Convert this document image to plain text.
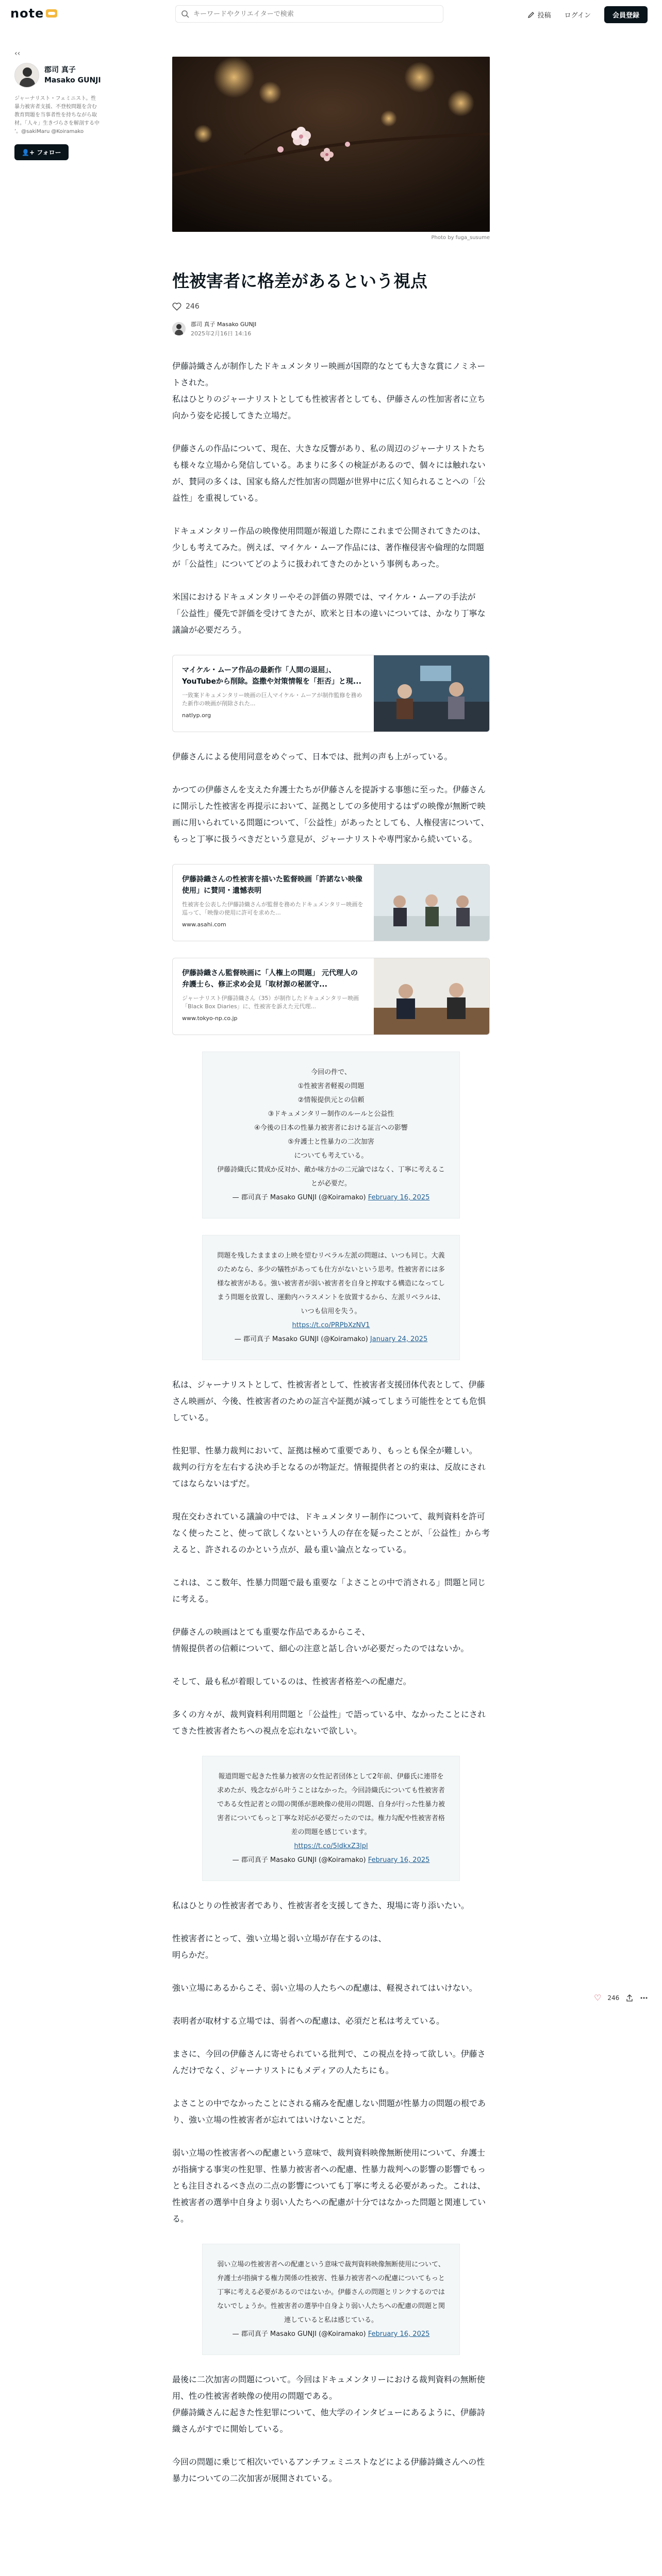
note
キーワードやクリエイターで検索	投稿 ログイン	会員登録
‹‹
郡司 真子
Masako GUNJI
ジャーナリスト・フェミニスト。性暴力被害者支援、不登校問題を含む教育問題を当事者性を持ちながら取材。「人々」生きづらさを解剖する中ʼ。@sakiMaru @Koiramako
👤+ フォロー
Photo by fuga_susume
性被害者に格差があるという視点
246
郡司 真子 Masako GUNJI
2025年2月16日 14:16
伊藤詩織さんが制作したドキュメンタリー映画が国際的なとても大きな賞にノミネートされた。
私はひとりのジャーナリストとしても性被害者としても、伊藤さんの性加害者に立ち向かう姿を応援してきた立場だ。
伊藤さんの作品について、現在、大きな反響があり、私の周辺のジャーナリストたちも様々な立場から発信している。あまりに多くの検証があるので、個々には触れないが、賛同の多くは、国家も絡んだ性加害の問題が世界中に広く知られることへの「公益性」を重視している。
ドキュメンタリー作品の映像使用問題が報道した際にこれまで公開されてきたのは、少しも考えてみた。例えば、マイケル・ムーア作品には、著作権侵害や倫理的な問題が「公益性」についてどのように扱われてきたのかという事例もあった。
米国におけるドキュメンタリーやその評価の界隈では、マイケル・ムーアの手法が「公益性」優先で評価を受けてきたが、欧米と日本の違いについては、かなり丁寧な議論が必要だろう。
マイケル・ムーア作品の最新作「人間の退屈」、YouTubeから削除。盗撒や対策情報を「拒否」と現...
一致案ドキュメンタリー映画の巨人マイケル・ムーアが制作監修を務めた新作の映画が削除された...
natlyp.org
伊藤さんによる使用同意をめぐって、日本では、批判の声も上がっている。
かつての伊藤さんを支えた弁護士たちが伊藤さんを提訴する事態に至った。伊藤さんに開示した性被害を再提示において、証拠としての多使用するはずの映像が無断で映画に用いられている問題について、「公益性」があったとしても、人権侵害について、もっと丁寧に扱うべきだという意見が、ジャーナリストや専門家から続いている。
伊藤詩織さんの性被害を描いた監督映画「許諾ない映像使用」に賛同・遺憾表明
性被害を公表した伊藤詩織さんが監督を務めたドキュメンタリー映画を巡って、「映像の使用に許可を求めた...
www.asahi.com
伊藤詩織さん監督映画に「人権上の問題」 元代理人の弁護士ら、修正求め会見「取材源の秘匿守...
ジャーナリスト伊藤詩織さん（35）が制作したドキュメンタリー映画「Black Box Diaries」に、性被害を訴えた元代理...
www.tokyo-np.co.jp
今回の件で、
①性被害者軽視の問題
②情報提供元との信頼
③ドキュメンタリー制作のルールと公益性
④今後の日本の性暴力被害者における証言への影響
⑤弁護士と性暴力の二次加害
についても考えている。
伊藤詩織氏に賛成か反対か、敵か味方かの二元論ではなく、丁寧に考えることが必要だ。
— 郡司真子 Masako GUNJI (@Koiramako) February 16, 2025
問題を残したまままの上映を望むリベラル左派の問題は、いつも同じ。大義のためなら、多少の犠牲があっても仕方がないという思考。性被害者には多様な被害がある。強い被害者が弱い被害者を自身と搾取する構造になってしまう問題を放置し、運動内ハラスメントを放置するから、左派リベラルは、いつも信用を失う。
https://t.co/PRPbXzNV1
— 郡司真子 Masako GUNJI (@Koiramako) January 24, 2025
私は、ジャーナリストとして、性被害者として、性被害者支援団体代表として、伊藤さん映画が、今後、性被害者のための証言や証拠が減ってしまう可能性をとても危惧している。
性犯罪、性暴力裁判において、証拠は極めて重要であり、もっとも保全が難しい。
裁判の行方を左右する決め手となるのが物証だ。情報提供者との約束は、反故にされてはならないはずだ。
現在交わされている議論の中では、ドキュメンタリー制作について、裁判資料を許可なく使ったこと、使って欲しくないという人の存在を疑ったことが、「公益性」から考えると、許されるのかという点が、最も重い論点となっている。
これは、ここ数年、性暴力問題で最も重要な「よさことの中で消される」問題と同じに考える。
伊藤さんの映画はとても重要な作品であるからこそ、
情報提供者の信頼について、細心の注意と話し合いが必要だったのではないか。
そして、最も私が着眼しているのは、性被害者格差への配慮だ。
多くの方々が、裁判資料利用問題と「公益性」で語っている中、なかったことにされてきた性被害者たちへの視点を忘れないで欲しい。
報道問題で起きた性暴力被害の女性記者団体として2年前、伊藤氏に連帯を求めたが、残念ながら叶うことはなかった。今回詩織氏についても性被害者である女性記者との間の関係が悪映像の使用の問題、自身が行った性暴力被害者についてもっと丁寧な対応が必要だったのでは。権力勾配や性被害者格差の問題を感じています。
https://t.co/5ldkxZ3lpl
— 郡司真子 Masako GUNJI (@Koiramako) February 16, 2025
私はひとりの性被害者であり、性被害者を支援してきた、現場に寄り添いたい。
性被害者にとって、強い立場と弱い立場が存在するのは、
明らかだ。
強い立場にあるからこそ、弱い立場の人たちへの配慮は、軽視されてはいけない。
表明者が取材する立場では、弱者への配慮は、必須だと私は考えている。
まさに、今回の伊藤さんに寄せられている批判で、この視点を持って欲しい。伊藤さんだけでなく、ジャーナリストにもメディアの人たちにも。
よさことの中でなかったことにされる痛みを配慮しない問題が性暴力の問題の根であり、強い立場の性被害者が忘れてはいけないことだ。
弱い立場の性被害者への配慮という意味で、裁判資料映像無断使用について、弁護士が指摘する事実の性犯罪、性暴力被害者への配慮、性暴力裁判への影響の影響でもっとも注目されるべき点の二点の影響についても丁寧に考える必要があった。これは、性被害者の選挙中自身より弱い人たちへの配慮が十分ではなかった問題と関連している。
弱い立場の性被害者への配慮という意味で裁判資料映像無断使用について、弁護士が指摘する権力関係の性被害、性暴力被害者への配慮についてもっと丁寧に考える必要があるのではないか。伊藤さんの問題とリンクするのではないでしょうか。性被害者の選挙中自身より弱い人たちへの配慮の問題と関連していると私は感じている。
— 郡司真子 Masako GUNJI (@Koiramako) February 16, 2025
最後に二次加害の問題について。今回はドキュメンタリーにおける裁判資料の無断使用、性の性被害者映像の使用の問題である。
伊藤詩織さんに起きた性犯罪について、他大学のインタビューにあるように、伊藤詩織さんがすでに開始している。
今回の問題に乗じて相次いでいるアンチフェミニストなどによる伊藤詩織さんへの性暴力についての二次加害が展開されている。
♡ 246
